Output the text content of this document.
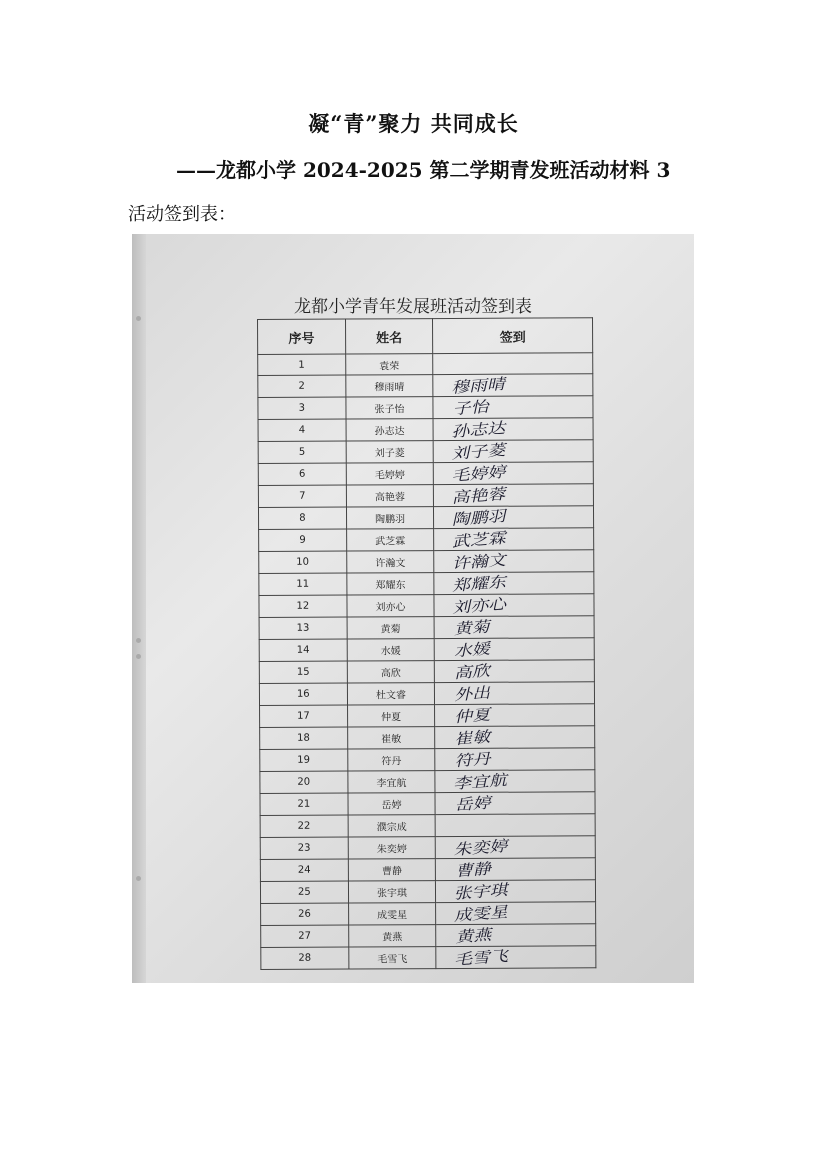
凝“青”聚力 共同成长
——龙都小学 2024-2025 第二学期青发班活动材料 3
活动签到表：
龙都小学青年发展班活动签到表
序号	姓名	签到
1	袁荣	
2	穆雨晴	穆雨晴
3	张子怡	子怡
4	孙志达	孙志达
5	刘子菱	刘子菱
6	毛婷婷	毛婷婷
7	高艳蓉	高艳蓉
8	陶鹏羽	陶鹏羽
9	武芝霖	武芝霖
10	许瀚文	许瀚文
11	郑耀东	郑耀东
12	刘亦心	刘亦心
13	黄菊	黄菊
14	水媛	水媛
15	高欣	高欣
16	杜文睿	外出
17	仲夏	仲夏
18	崔敏	崔敏
19	符丹	符丹
20	李宜航	李宜航
21	岳婷	岳婷
22	濮宗成	
23	朱奕婷	朱奕婷
24	曹静	曹静
25	张宇琪	张宇琪
26	成雯星	成雯星
27	黄燕	黄燕
28	毛雪飞	毛雪飞
